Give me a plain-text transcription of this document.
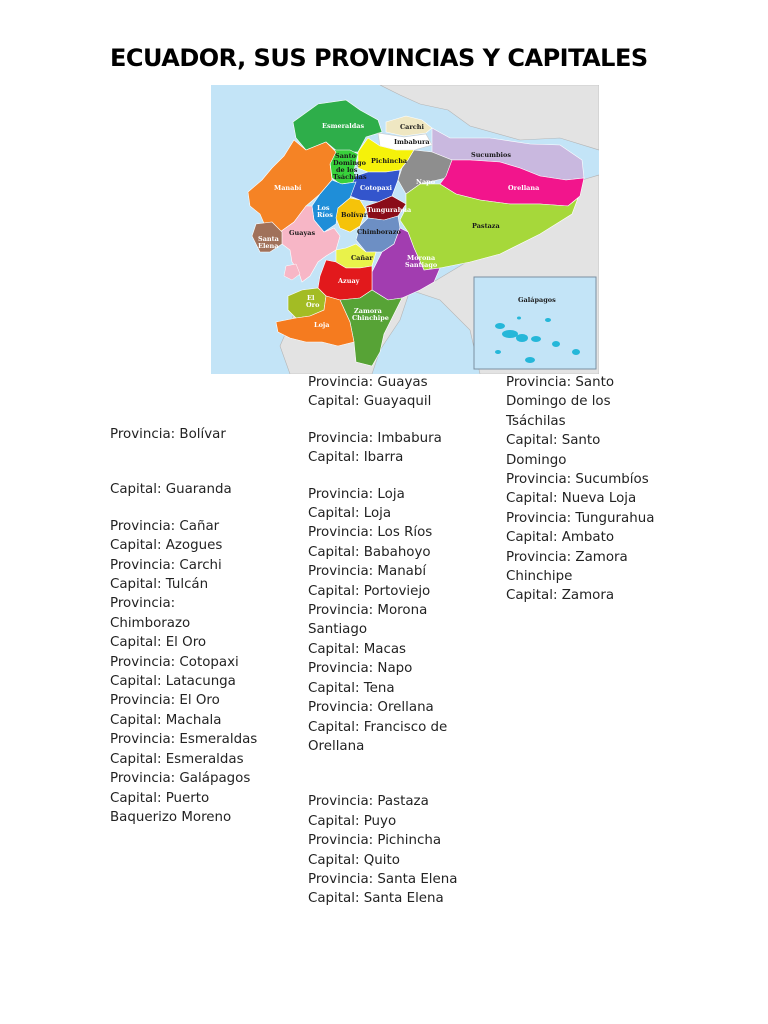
ECUADOR, SUS PROVINCIAS Y CAPITALES
Galápagos
Esmeraldas	Carchi
Imbabura
Sucumbios
Santo
Domingo
de los
Tsáchilas
Pichincha
Manabí	Cotopaxi
Napo
Orellana
Los
Ríos Bolívar
Tungurahua
Pastaza
Santa
Elena
Guayas	Chimborazo
Cañar	Morona
Santiago
Azuay
El
Oro
Zamora
Chinchipe
Loja
Provincia: Bolívar
Capital: Guaranda
Provincia: Cañar
Capital: Azogues
Provincia: Carchi
Capital: Tulcán
Provincia:
Chimborazo
Capital: El Oro
Provincia: Cotopaxi
Capital: Latacunga
Provincia: El Oro
Capital: Machala
Provincia: Esmeraldas
Capital: Esmeraldas
Provincia: Galápagos
Capital: Puerto
Baquerizo Moreno
Provincia: Guayas
Capital: Guayaquil
Provincia: Imbabura
Capital: Ibarra
Provincia: Loja
Capital: Loja
Provincia: Los Ríos
Capital: Babahoyo
Provincia: Manabí
Capital: Portoviejo
Provincia: Morona
Santiago
Capital: Macas
Provincia: Napo
Capital: Tena
Provincia: Orellana
Capital: Francisco de
Orellana
Provincia: Pastaza
Capital: Puyo
Provincia: Pichincha
Capital: Quito
Provincia: Santa Elena
Capital: Santa Elena
Provincia: Santo
Domingo de los
Tsáchilas
Capital: Santo
Domingo
Provincia: Sucumbíos
Capital: Nueva Loja
Provincia: Tungurahua
Capital: Ambato
Provincia: Zamora
Chinchipe
Capital: Zamora
